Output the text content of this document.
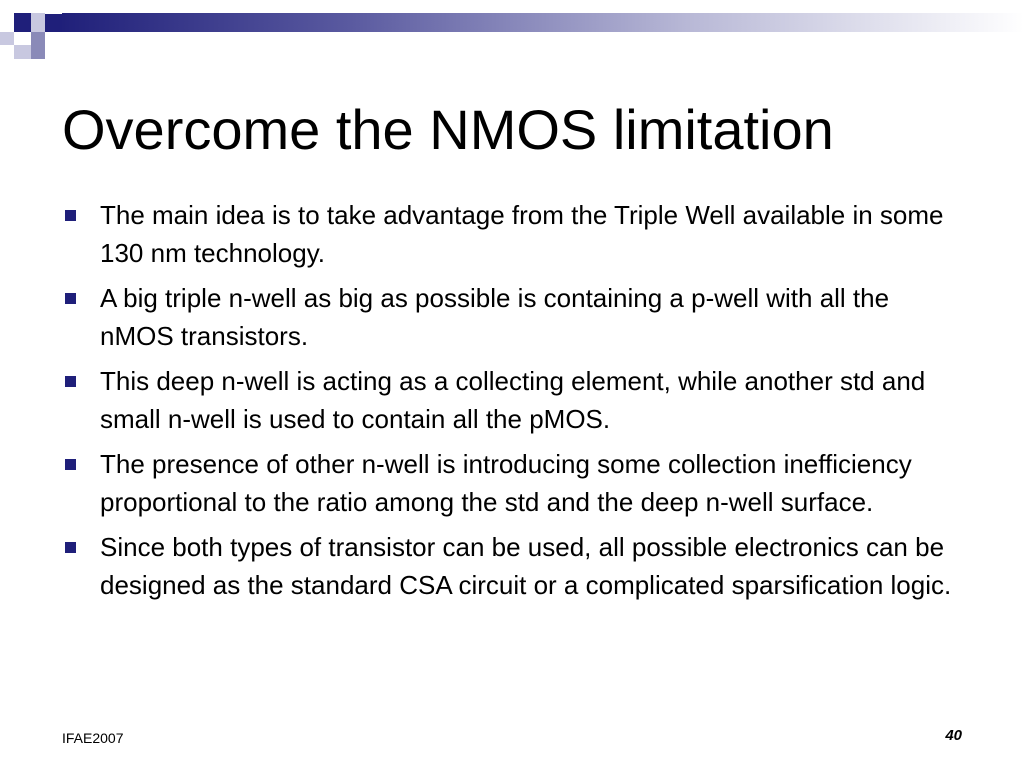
Overcome the NMOS limitation
The main idea is to take advantage from the Triple Well available in some 130 nm technology.
A big triple n-well as big as possible is containing a p-well with all the nMOS transistors.
This deep n-well is acting as a collecting element, while another std and small n-well is used to contain all the pMOS.
The presence of other n-well is introducing some collection inefficiency proportional to the ratio among the std and the deep n-well surface.
Since both types of transistor can be used, all possible electronics can be designed as the standard CSA circuit or a complicated sparsification logic.
IFAE2007	40
